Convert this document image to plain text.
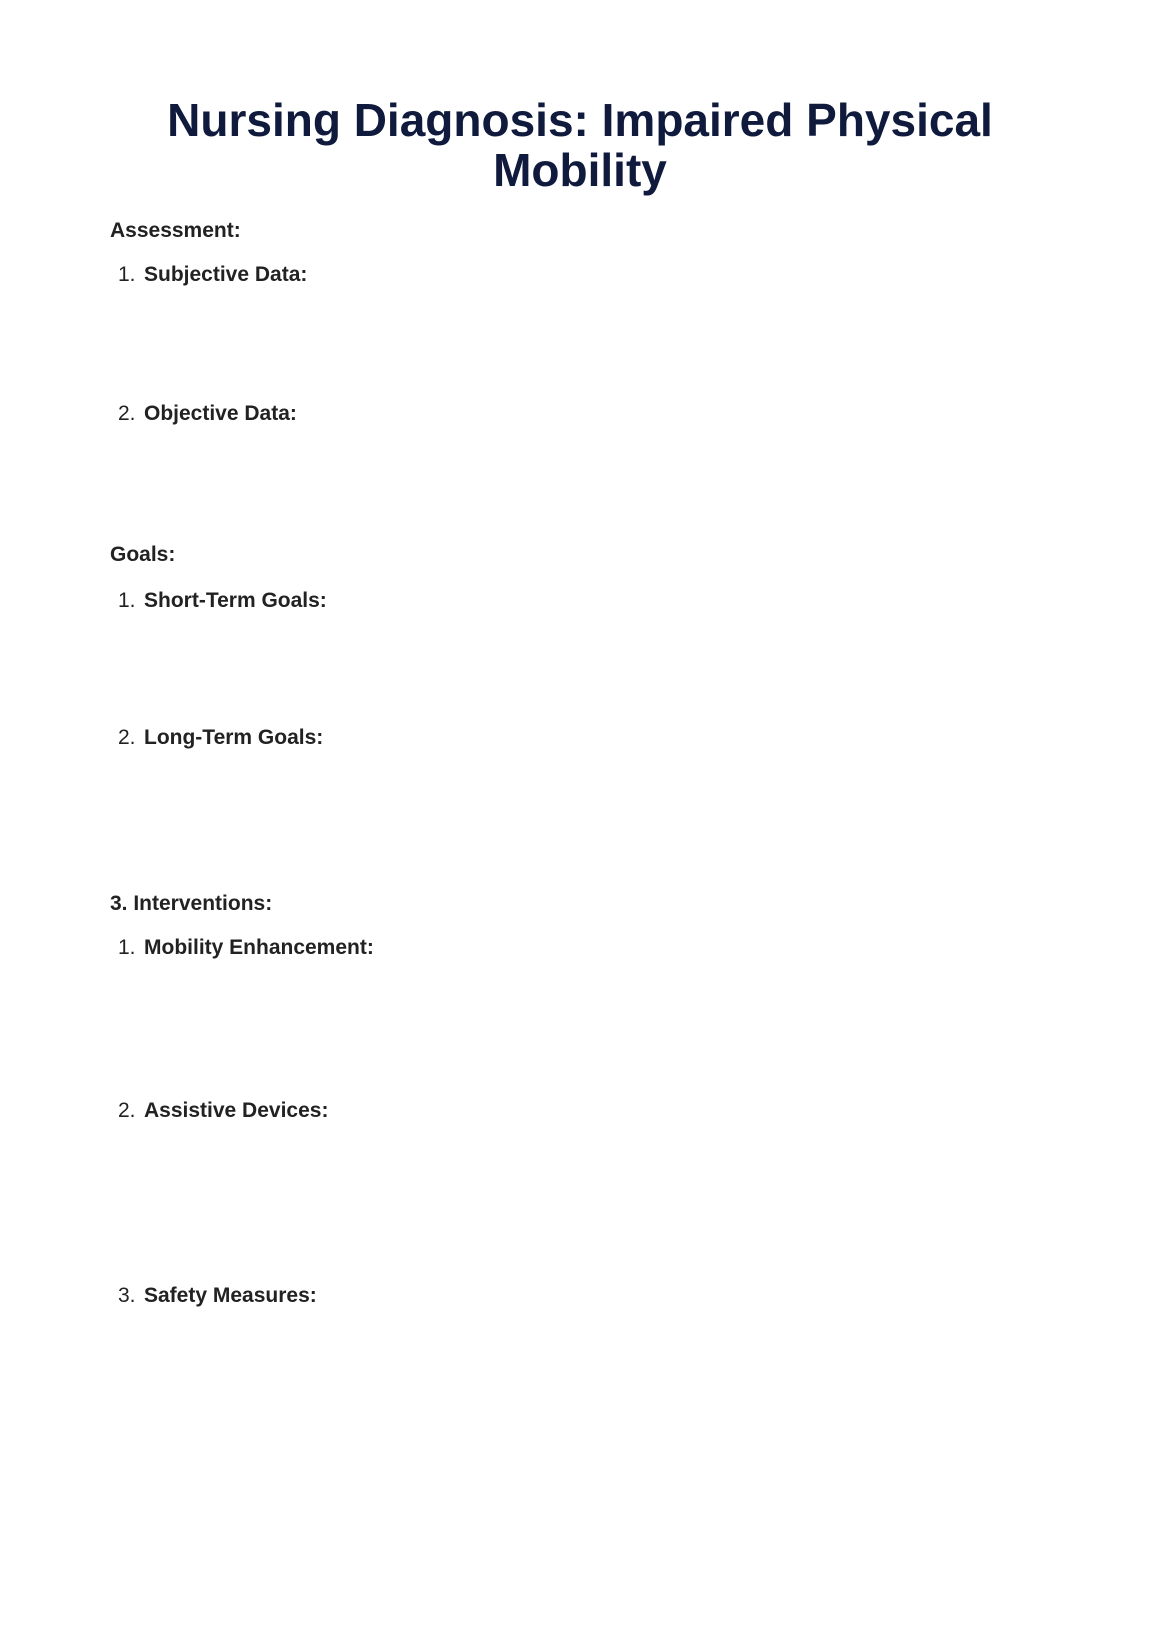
Nursing Diagnosis: Impaired Physical Mobility
Assessment:
1. Subjective Data:
2. Objective Data:
Goals:
1. Short-Term Goals:
2. Long-Term Goals:
3. Interventions:
1. Mobility Enhancement:
2. Assistive Devices:
3. Safety Measures:
